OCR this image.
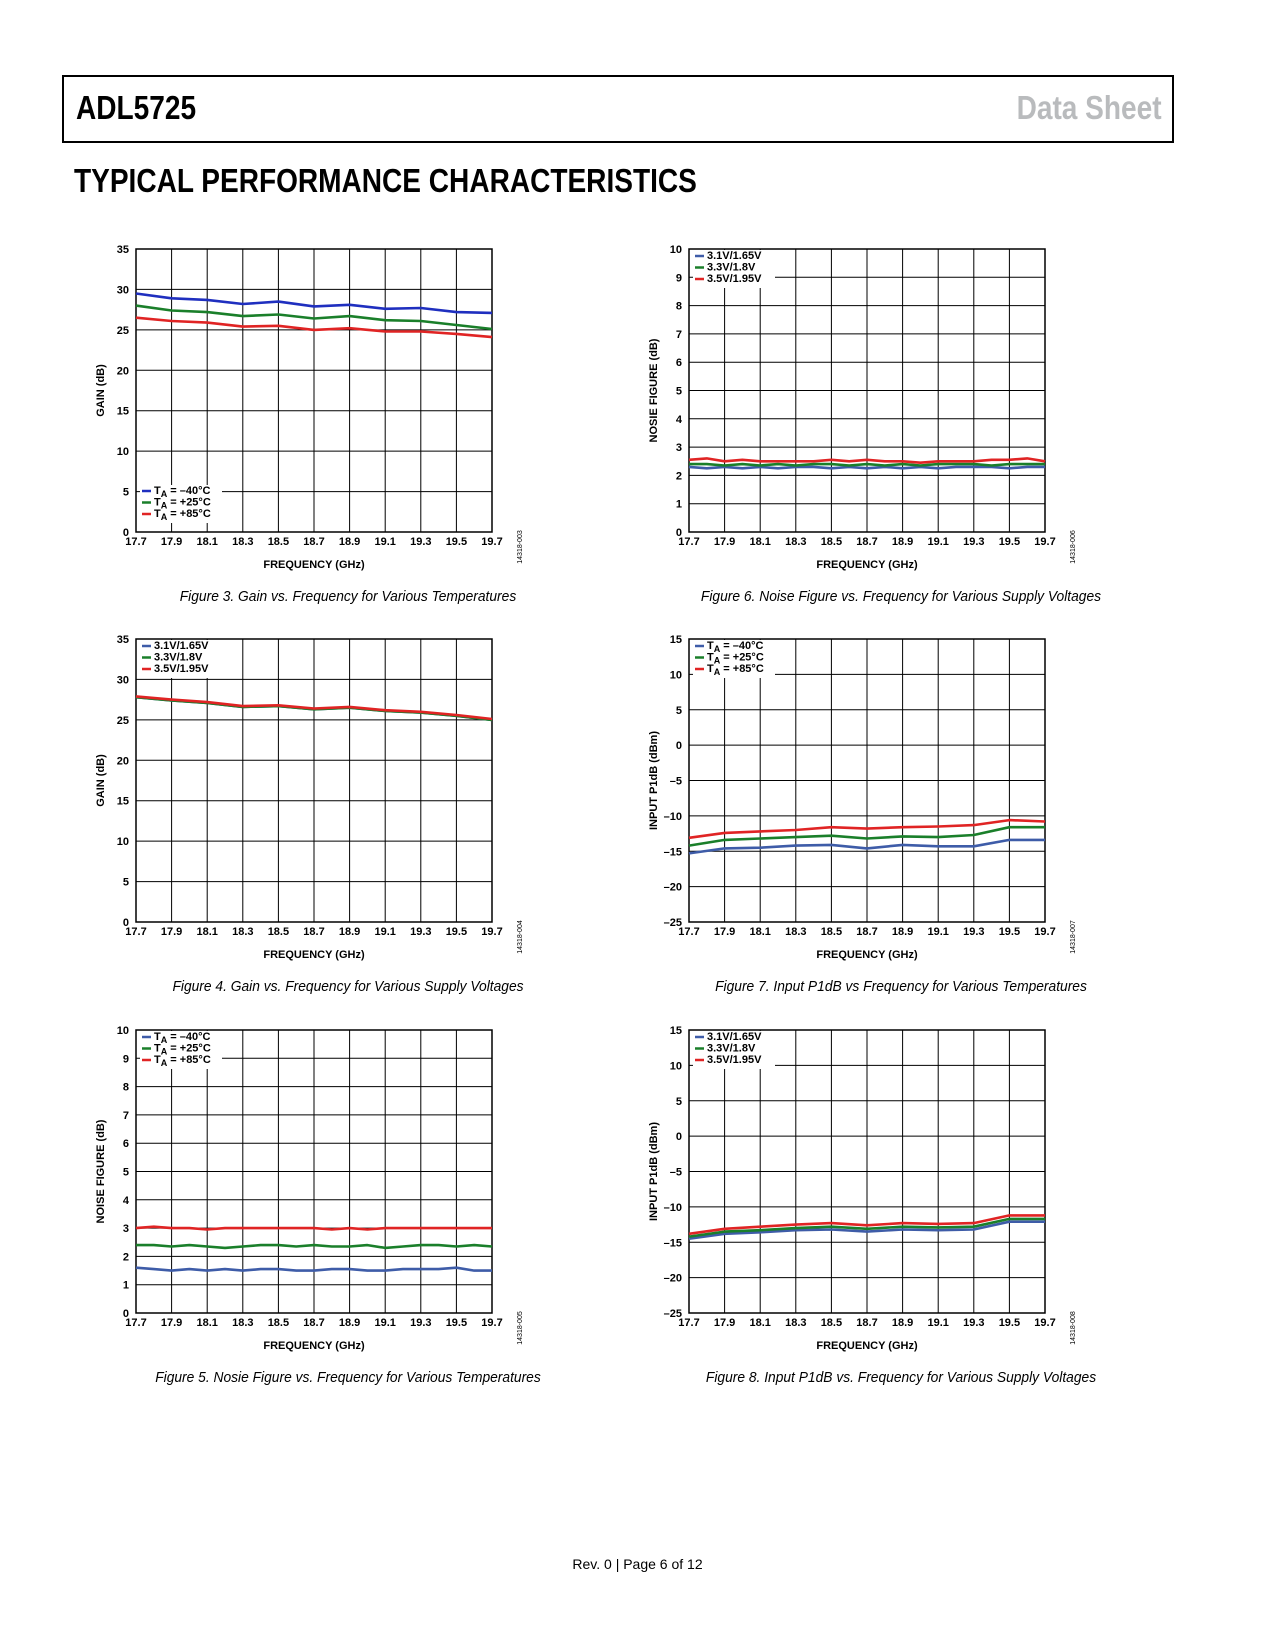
ADL5725	Data Sheet
TYPICAL PERFORMANCE CHARACTERISTICS
17.7 17.9 18.1 18.3 18.5 18.7 18.9 19.1 19.3 19.5 19.7
0
5
10
15
20
25
30
35
FREQUENCY (GHz)
GAIN (dB)
14318-003
$T_A = -40^\circ C$
$T_A = +25^\circ C$
$T_A = +85^\circ C$
Figure 3. Gain vs. Frequency for Various Temperatures
17.7 17.9 18.1 18.3 18.5 18.7 18.9 19.1 19.3 19.5 19.7
0
5
10
15
20
25
30
35
FREQUENCY (GHz)
GAIN (dB)
14318-004
3.1V/1.65V
3.3V/1.8V
3.5V/1.95V
Figure 4. Gain vs. Frequency for Various Supply Voltages
17.7 17.9 18.1 18.3 18.5 18.7 18.9 19.1 19.3 19.5 19.7
0
1
2
3
4
5
6
7
8
9
10
FREQUENCY (GHz)
NOISE FIGURE (dB)
14318-005
$T_A = -40^\circ C$
$T_A = +25^\circ C$
$T_A = +85^\circ C$
Figure 5. Nosie Figure vs. Frequency for Various Temperatures
17.7 17.9 18.1 18.3 18.5 18.7 18.9 19.1 19.3 19.5 19.7
0
1
2
3
4
5
6
7
8
9
10
FREQUENCY (GHz)
NOSIE FIGURE (dB)
14318-006
3.1V/1.65V
3.3V/1.8V
3.5V/1.95V
Figure 6. Noise Figure vs. Frequency for Various Supply Voltages
17.7 17.9 18.1 18.3 18.5 18.7 18.9 19.1 19.3 19.5 19.7
–25
–20
–15
–10
–5
0
5
10
15
FREQUENCY (GHz)
INPUT P1dB (dBm)
14318-007
$T_A = -40^\circ C$
$T_A = +25^\circ C$
$T_A = +85^\circ C$
Figure 7. Input P1dB vs Frequency for Various Temperatures
17.7 17.9 18.1 18.3 18.5 18.7 18.9 19.1 19.3 19.5 19.7
–25
–20
–15
–10
–5
0
5
10
15
FREQUENCY (GHz)
INPUT P1dB (dBm)
14318-008
3.1V/1.65V
3.3V/1.8V
3.5V/1.95V
Figure 8. Input P1dB vs. Frequency for Various Supply Voltages
Rev. 0 | Page 6 of 12
